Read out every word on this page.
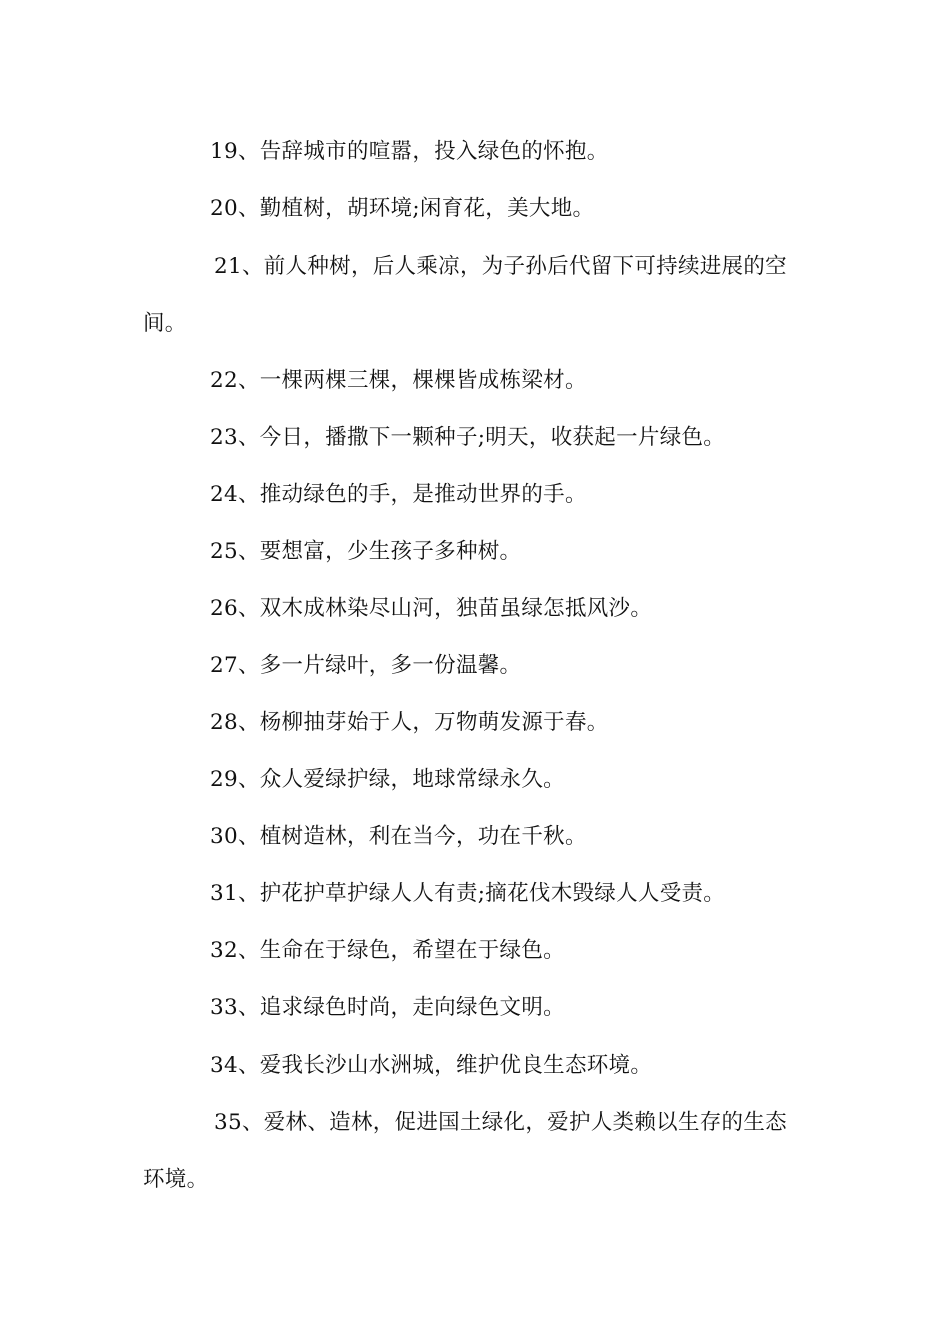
19、告辞城市的喧嚣，投入绿色的怀抱。
20、勤植树，胡环境;闲育花，美大地。
21、前人种树，后人乘凉，为子孙后代留下可持续进展的空
间。
22、一棵两棵三棵，棵棵皆成栋梁材。
23、今日，播撒下一颗种子;明天，收获起一片绿色。
24、推动绿色的手，是推动世界的手。
25、要想富，少生孩子多种树。
26、双木成林染尽山河，独苗虽绿怎抵风沙。
27、多一片绿叶，多一份温馨。
28、杨柳抽芽始于人，万物萌发源于春。
29、众人爱绿护绿，地球常绿永久。
30、植树造林，利在当今，功在千秋。
31、护花护草护绿人人有责;摘花伐木毁绿人人受责。
32、生命在于绿色，希望在于绿色。
33、追求绿色时尚，走向绿色文明。
34、爱我长沙山水洲城，维护优良生态环境。
35、爱林、造林，促进国土绿化，爱护人类赖以生存的生态
环境。
